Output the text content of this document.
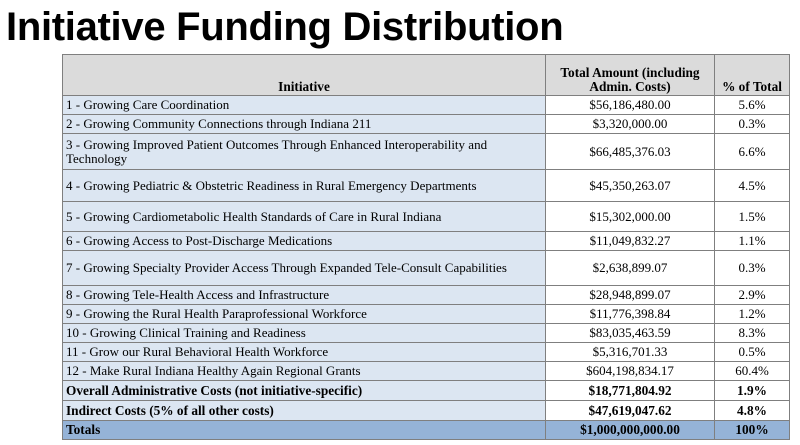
Initiative Funding Distribution
Initiative	Total Amount (including Admin. Costs)	% of Total
1 - Growing Care Coordination	$56,186,480.00	5.6%
2 - Growing Community Connections through Indiana 211	$3,320,000.00	0.3%
3 - Growing Improved Patient Outcomes Through Enhanced Interoperability and Technology	$66,485,376.03	6.6%
4 - Growing Pediatric & Obstetric Readiness in Rural Emergency Departments	$45,350,263.07	4.5%
5 - Growing Cardiometabolic Health Standards of Care in Rural Indiana	$15,302,000.00	1.5%
6 - Growing Access to Post-Discharge Medications	$11,049,832.27	1.1%
7 - Growing Specialty Provider Access Through Expanded Tele-Consult Capabilities	$2,638,899.07	0.3%
8 - Growing Tele-Health Access and Infrastructure	$28,948,899.07	2.9%
9 - Growing the Rural Health Paraprofessional Workforce	$11,776,398.84	1.2%
10 - Growing Clinical Training and Readiness	$83,035,463.59	8.3%
11 - Grow our Rural Behavioral Health Workforce	$5,316,701.33	0.5%
12 - Make Rural Indiana Healthy Again Regional Grants	$604,198,834.17	60.4%
Overall Administrative Costs (not initiative-specific)	$18,771,804.92	1.9%
Indirect Costs (5% of all other costs)	$47,619,047.62	4.8%
Totals	$1,000,000,000.00	100%
